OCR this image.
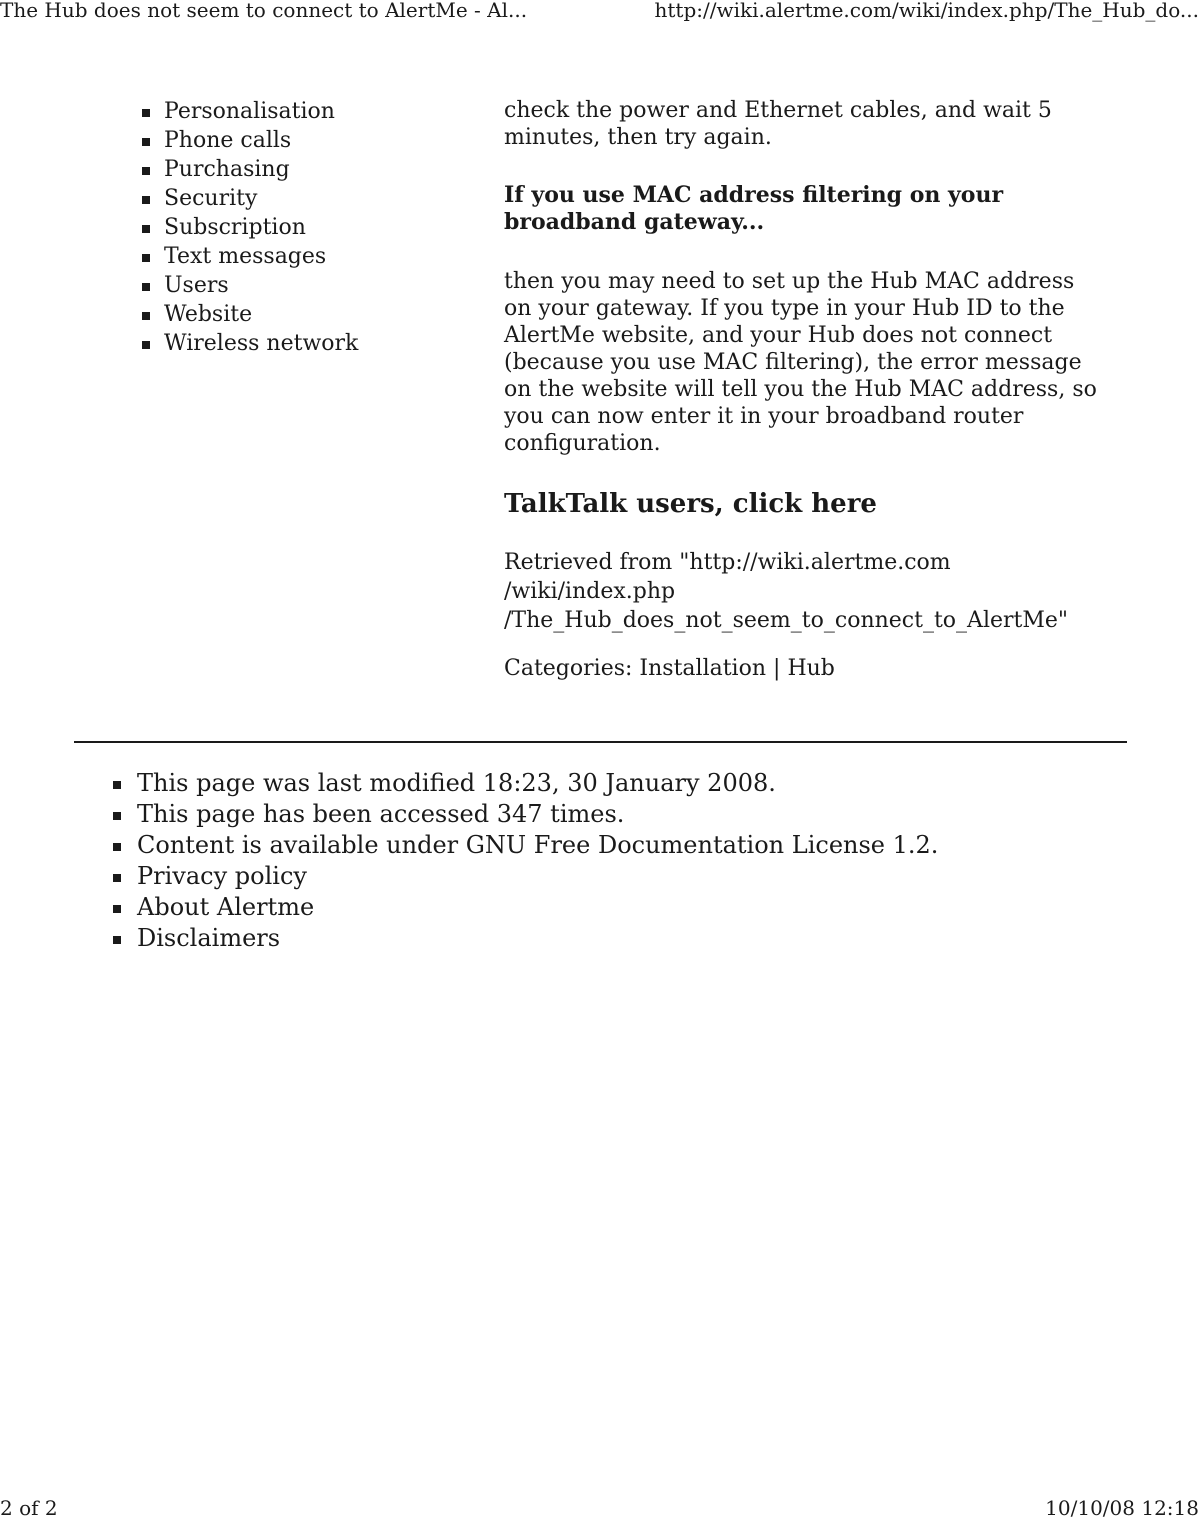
The Hub does not seem to connect to AlertMe - Al...	http://wiki.alertme.com/wiki/index.php/The_Hub_do...
Personalisation
Phone calls
Purchasing
Security
Subscription
Text messages
Users
Website
Wireless network

check the power and Ethernet cables, and wait 5 minutes, then try again.

If you use MAC address filtering on your broadband gateway...

then you may need to set up the Hub MAC address on your gateway. If you type in your Hub ID to the AlertMe website, and your Hub does not connect (because you use MAC filtering), the error message on the website will tell you the Hub MAC address, so you can now enter it in your broadband router configuration.

TalkTalk users, click here

Retrieved from "http://wiki.alertme.com
/wiki/index.php
/The_Hub_does_not_seem_to_connect_to_AlertMe"

Categories: Installation | Hub

This page was last modified 18:23, 30 January 2008.
This page has been accessed 347 times.
Content is available under GNU Free Documentation License 1.2.
Privacy policy
About Alertme
Disclaimers
2 of 2	10/10/08 12:18
